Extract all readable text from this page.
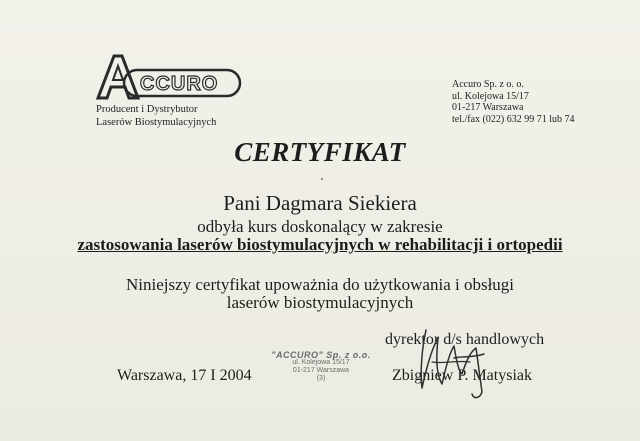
CCURO
Producent i Dystrybutor
Laserów Biostymulacyjnych
Accuro Sp. z o. o.
ul. Kolejowa 15/17
01-217 Warszawa
tel./fax (022) 632 99 71 lub 74
CERTYFIKAT
Pani Dagmara Siekiera
odbyła kurs doskonalący w zakresie
zastosowania laserów biostymulacyjnych w rehabilitacji i ortopedii
Niniejszy certyfikat upoważnia do użytkowania i obsługi
laserów biostymulacyjnych
dyrektor d/s handlowych
Warszawa, 17 I 2004	Zbigniew P. Matysiak
"ACCURO" Sp. z o.o.
ul. Kolejowa 15/17
01-217 Warszawa
(3)
